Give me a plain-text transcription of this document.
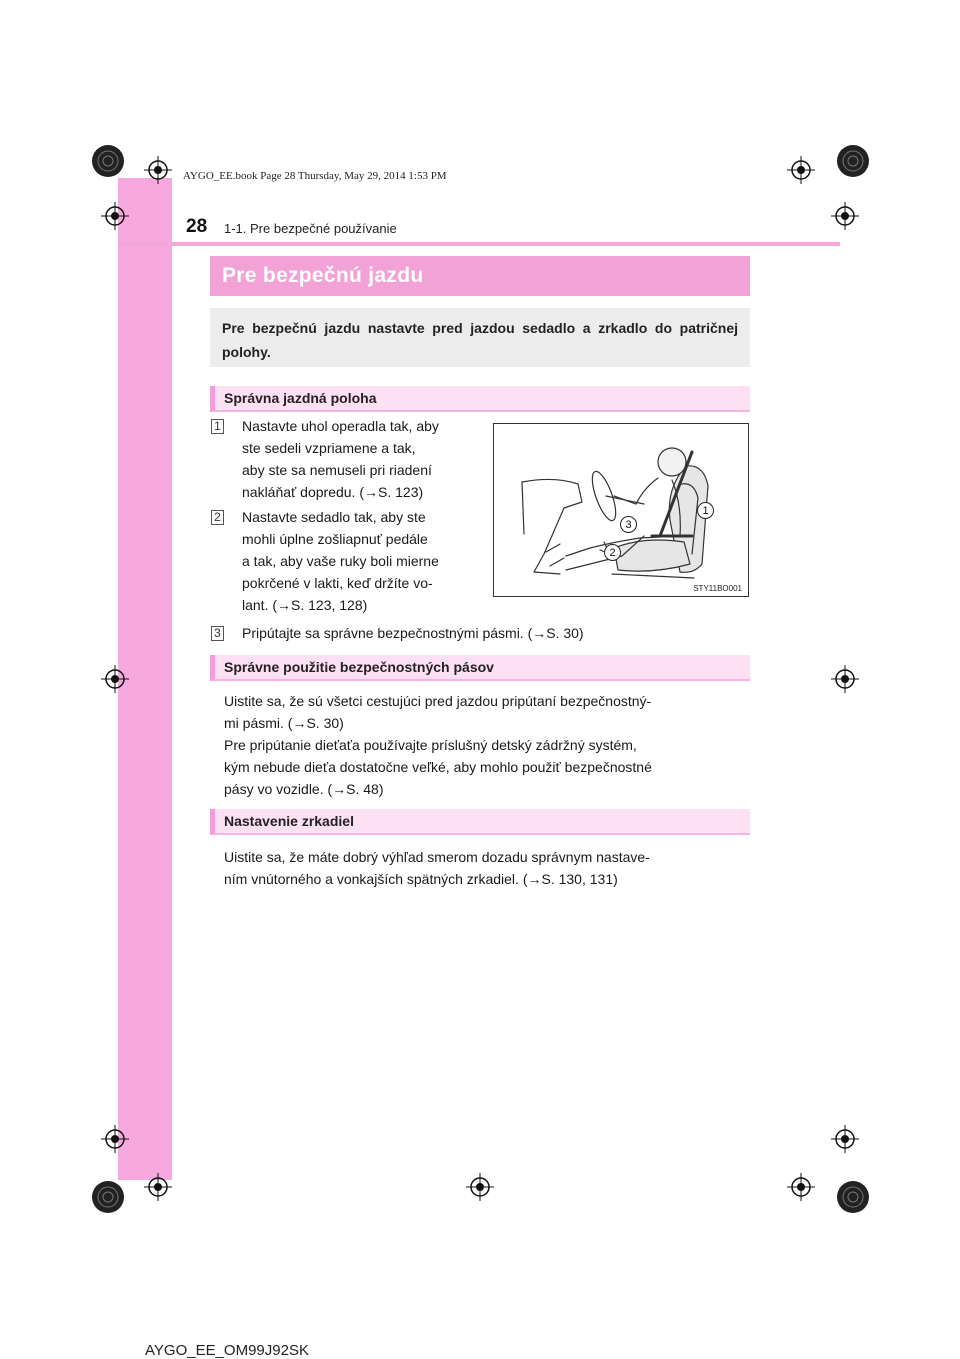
AYGO_EE.book Page 28 Thursday, May 29, 2014 1:53 PM
28 1-1. Pre bezpečné používanie
Pre bezpečnú jazdu
Pre bezpečnú jazdu nastavte pred jazdou sedadlo a zrkadlo do patričnej polohy.
Správna jazdná poloha
1 Nastavte uhol operadla tak, aby
ste sedeli vzpriamene a tak,
aby ste sa nemuseli pri riadení
nakláňať dopredu. (→S. 123)
2 Nastavte sedadlo tak, aby ste
mohli úplne zošliapnuť pedále
a tak, aby vaše ruky boli mierne
pokrčené v lakti, keď držíte vo-
lant. (→S. 123, 128)
3 Pripútajte sa správne bezpečnostnými pásmi. (→S. 30)
1
2
3
STY11BO001
Správne použitie bezpečnostných pásov
Uistite sa, že sú všetci cestujúci pred jazdou pripútaní bezpečnostný-
mi pásmi. (→S. 30)
Pre pripútanie dieťaťa používajte príslušný detský zádržný systém,
kým nebude dieťa dostatočne veľké, aby mohlo použiť bezpečnostné
pásy vo vozidle. (→S. 48)
Nastavenie zrkadiel
Uistite sa, že máte dobrý výhľad smerom dozadu správnym nastave-
ním vnútorného a vonkajších spätných zrkadiel. (→S. 130, 131)
AYGO_EE_OM99J92SK
